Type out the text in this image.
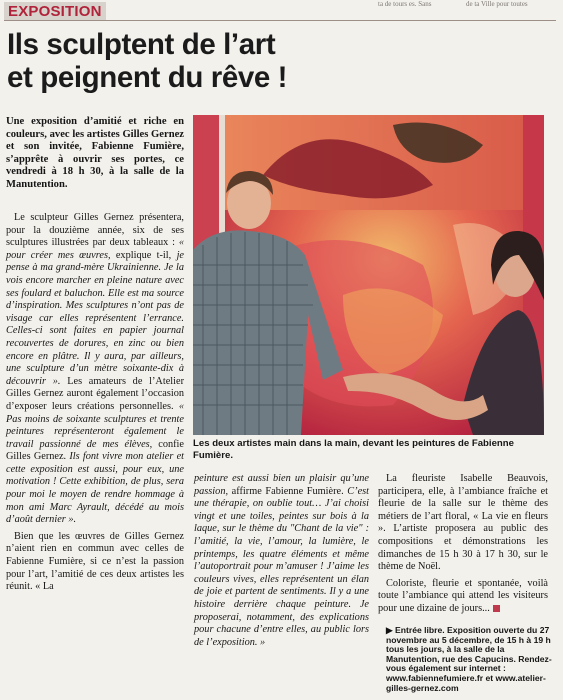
EXPOSITION	ta de tours es. Sans	de ta Ville pour toutes
Ils sculptent de l’art
et peignent du rêve !
Une exposition d’amitié et riche en couleurs, avec les artistes Gilles Gernez et son invitée, Fabienne Fumière, s’apprête à ouvrir ses portes, ce vendredi à 18 h 30, à la salle de la Manutention.

Le sculpteur Gilles Gernez présentera, pour la douzième année, six de ses sculptures illustrées par deux tableaux : « pour créer mes œuvres, explique t-il, je pense à ma grand-mère Ukrainienne. Je la vois encore marcher en pleine nature avec ses foulard et baluchon. Elle est ma source d’inspiration. Mes sculptures n’ont pas de visage car elles représentent l’errance. Celles-ci sont faites en papier journal recouvertes de dorures, en zinc ou bien encore en plâtre. Il y aura, par ailleurs, une sculpture d’un mètre soixante-dix à découvrir ». Les amateurs de l’Atelier Gilles Gernez auront également l’occasion d’exposer leurs créations personnelles. « Pas moins de soixante sculptures et trente peintures représenteront également le travail passionné de mes élèves, confie Gilles Gernez. Ils font vivre mon atelier et cette exposition est aussi, pour eux, une motivation ! Cette exhibition, de plus, sera pour moi le moyen de rendre hommage à mon ami Marc Ayrault, décédé au mois d’août dernier ».

Bien que les œuvres de Gilles Gernez n’aient rien en commun avec celles de Fabienne Fumière, si ce n’est la passion pour l’art, l’amitié de ces deux artistes les réunit. « La

Les deux artistes main dans la main, devant les peintures de Fabienne Fumière.

peinture est aussi bien un plaisir qu’une passion, affirme Fabienne Fumière. C’est une thérapie, on oublie tout… J’ai choisi vingt et une toiles, peintes sur bois à la laque, sur le thème du "Chant de la vie" : l’amitié, la vie, l’amour, la lumière, le printemps, les quatre éléments et même l’autoportrait pour m’amuser ! J’aime les couleurs vives, elles représentent un élan de joie et partent de sentiments. Il y a une histoire derrière chaque peinture. Je proposerai, notamment, des explications pour chacune d’entre elles, au public lors de l’exposition. »

La fleuriste Isabelle Beauvois, participera, elle, à l’ambiance fraîche et fleurie de la salle sur le thème des métiers de l’art floral, « La vie en fleurs ». L’artiste proposera au public des compositions et démonstrations les dimanches de 15 h 30 à 17 h 30, sur le thème de Noël.

Coloriste, fleurie et spontanée, voilà toute l’ambiance qui attend les visiteurs pour une dizaine de jours...

▶ Entrée libre. Exposition ouverte du 27 novembre au 5 décembre, de 15 h à 19 h tous les jours, à la salle de la Manutention, rue des Capucins. Rendez-vous également sur internet : www.fabiennefumiere.fr et www.atelier-gilles-gernez.com
